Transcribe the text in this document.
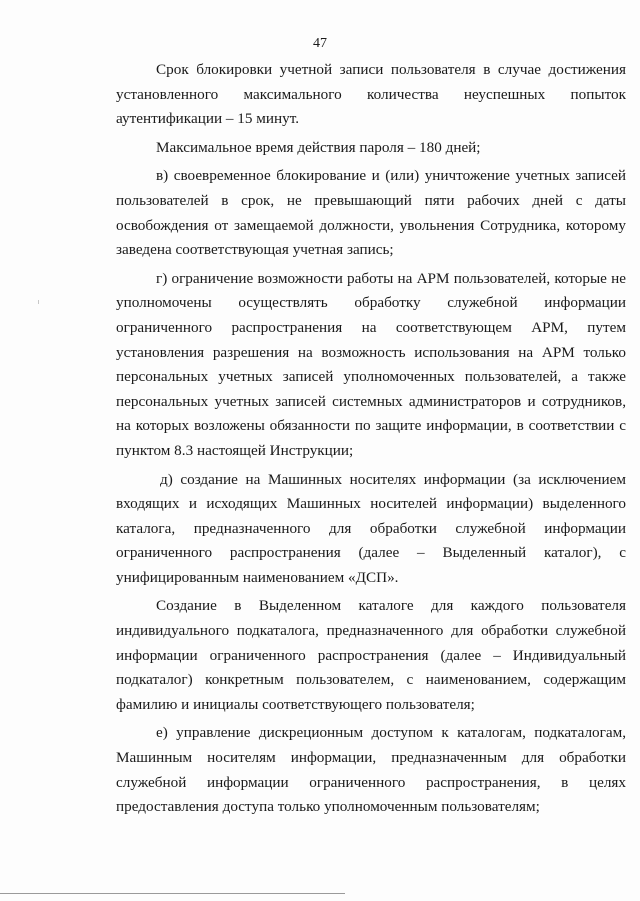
47

Срок блокировки учетной записи пользователя в случае достижения установленного максимального количества неуспешных попыток аутентификации – 15 минут.

Максимальное время действия пароля – 180 дней;

в) своевременное блокирование и (или) уничтожение учетных записей пользователей в срок, не превышающий пяти рабочих дней с даты освобождения от замещаемой должности, увольнения Сотрудника, которому заведена соответствующая учетная запись;

г) ограничение возможности работы на АРМ пользователей, которые не уполномочены осуществлять обработку служебной информации ограниченного распространения на соответствующем АРМ, путем установления разрешения на возможность использования на АРМ только персональных учетных записей уполномоченных пользователей, а также персональных учетных записей системных администраторов и сотрудников, на которых возложены обязанности по защите информации, в соответствии с пунктом 8.3 настоящей Инструкции;

д) создание на Машинных носителях информации (за исключением входящих и исходящих Машинных носителей информации) выделенного каталога, предназначенного для обработки служебной информации ограниченного распространения (далее – Выделенный каталог), с унифицированным наименованием «ДСП».

Создание в Выделенном каталоге для каждого пользователя индивидуального подкаталога, предназначенного для обработки служебной информации ограниченного распространения (далее – Индивидуальный подкаталог) конкретным пользователем, с наименованием, содержащим фамилию и инициалы соответствующего пользователя;

е) управление дискреционным доступом к каталогам, подкаталогам, Машинным носителям информации, предназначенным для обработки служебной информации ограниченного распространения, в целях предоставления доступа только уполномоченным пользователям;
